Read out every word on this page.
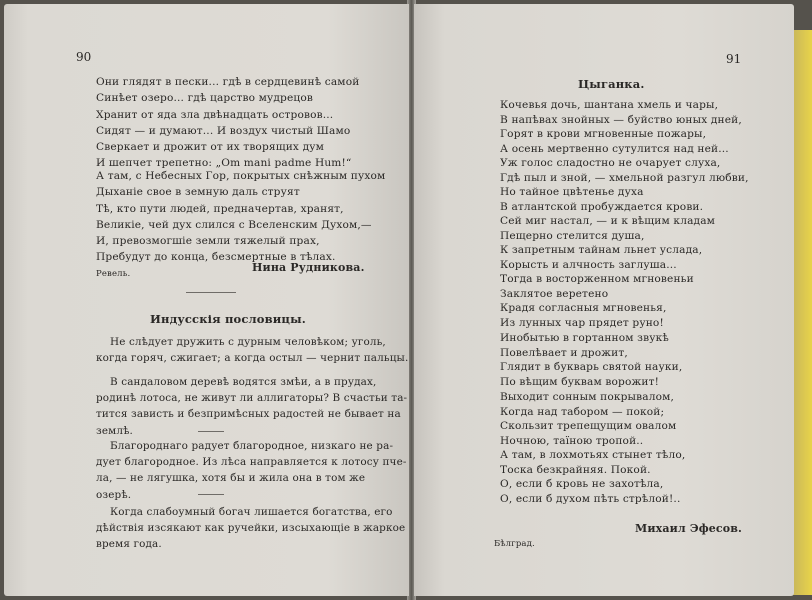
90
Они глядят в пески... гдѣ в сердцевинѣ самой
Синѣет озеро... гдѣ царство мудрецов
Хранит от яда зла двѣнадцать островов...
Сидят — и думают... И воздух чистый Шамо
Сверкает и дрожит от их творящих дум
И шепчет трепетно: „Om mani padme Hum!“
А там, с Небесных Гор, покрытых снѣжным пухом
Дыханіе свое в земную даль струят
Тѣ, кто пути людей, предначертав, хранят,
Великіе, чей дух слился с Вселенским Духом,—
И, превозмогшіе земли тяжелый прах,
Пребудут до конца, безсмертные в тѣлах.
Нина Рудникова.
Ревель.
Индусскія пословицы.
Не слѣдует дружить с дурным человѣком; уголь,
когда горяч, сжигает; а когда остыл — чернит пальцы.
В сандаловом деревѣ водятся змѣи, а в прудах,
родинѣ лотоса, не живут ли аллигаторы? В счастьи та-
тится зависть и безпримѣсных радостей не бывает на
землѣ.
Благороднаго радует благородное, низкаго не ра-
дует благородное. Из лѣса направляется к лотосу пче-
ла, — не лягушка, хотя бы и жила она в том же
озерѣ.
Когда слабоумный богач лишается богатства, его
дѣйствія изсякают как ручейки, изсыхающіе в жаркое
время года.
91
Цыганка.
Кочевья дочь, шантана хмель и чары,
В напѣвах знойных — буйство юных дней,
Горят в крови мгновенные пожары,
А осень мертвенно сутулится над ней...
Уж голос сладостно не очарует слуха,
Гдѣ пыл и зной, — хмельной разгул любви,
Но тайное цвѣтенье духа
В атлантской пробуждается крови.
Сей миг настал, — и к вѣщим кладам
Пещерно стелится душа,
К запретным тайнам льнет услада,
Корысть и алчность заглуша...
Тогда в восторженном мгновеньи
Заклятое веретено
Крадя согласныя мгновенья,
Из лунных чар прядет руно!
Инобытью в гортанном звукѣ
Повелѣвает и дрожит,
Глядит в букварь святой науки,
По вѣщим буквам ворожит!
Выходит сонным покрывалом,
Когда над табором — покой;
Скользит трепещущим овалом
Ночною, таїною тропой..
А там, в лохмотьях стынет тѣло,
Тоска безкрайняя. Покой.
О, если б кровь не захотѣла,
О, если б духом пѣть стрѣлой!..
Михаил Эфесов.
Бѣлград.
